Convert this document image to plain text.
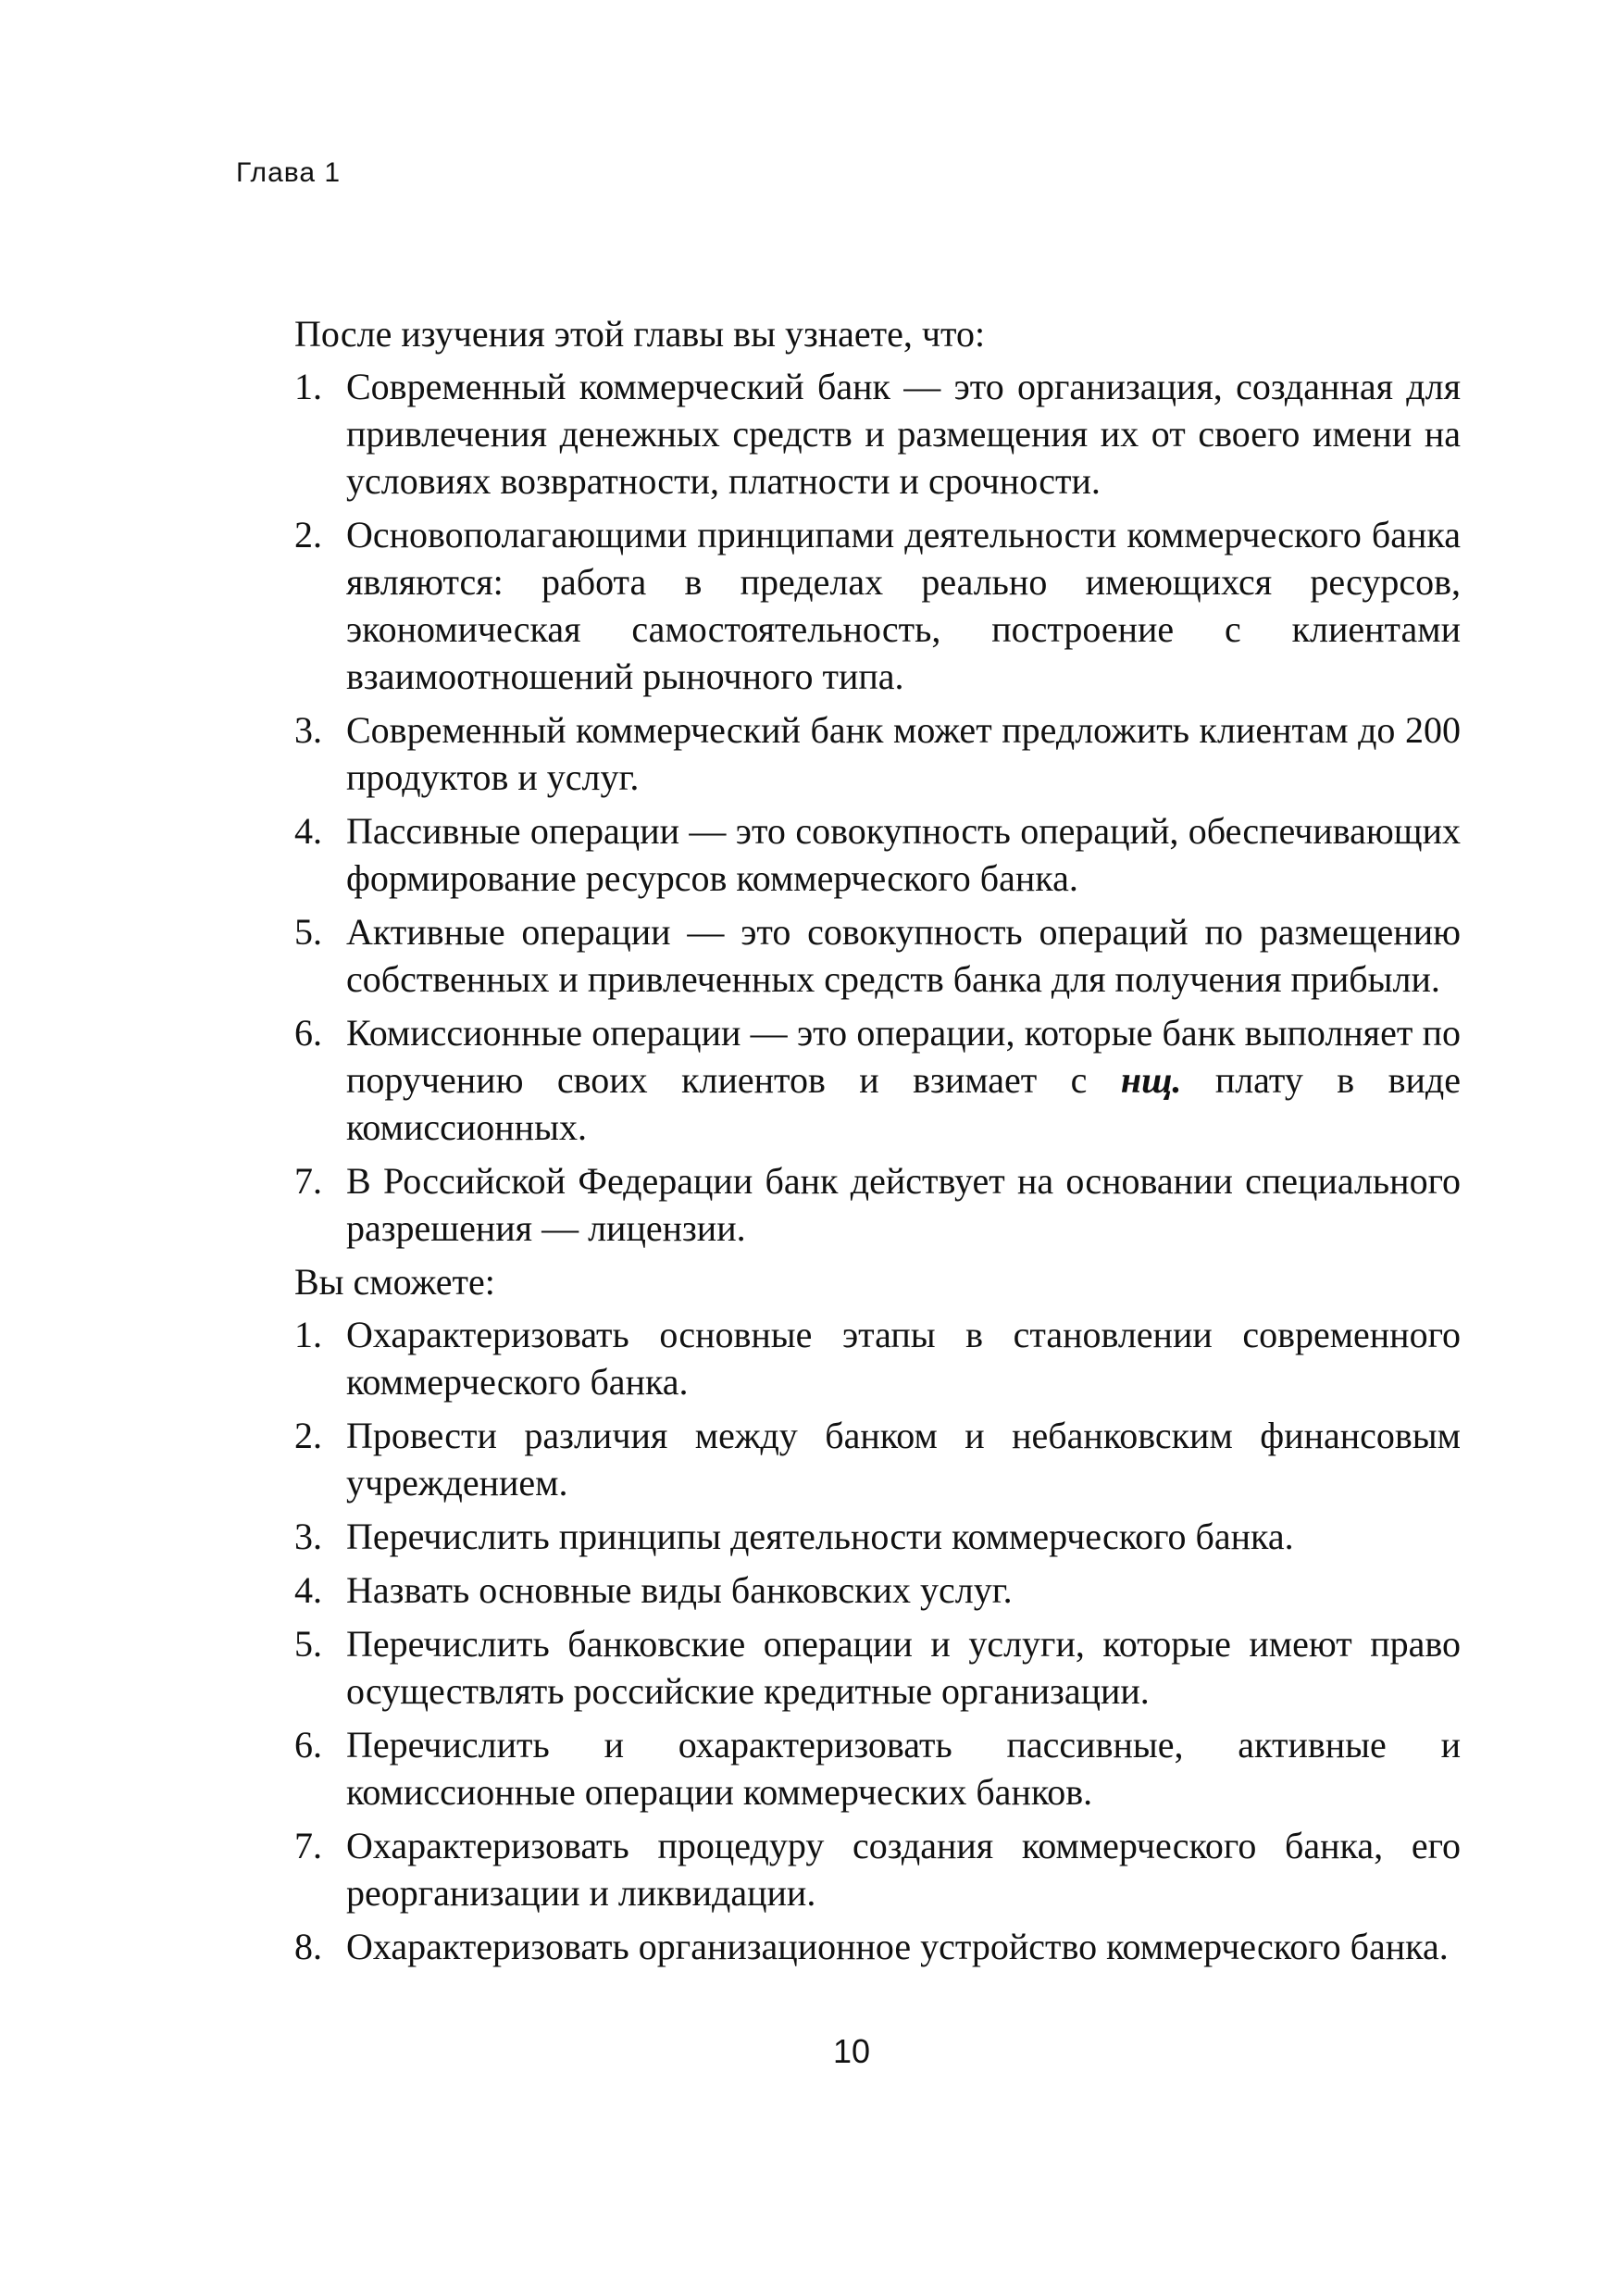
Глава 1
После изучения этой главы вы узнаете, что:
1. Современный коммерческий банк — это организация, созданная для привлечения денежных средств и размещения их от своего имени на условиях возвратности, платности и срочности.
2. Основополагающими принципами деятельности коммерческого банка являются: работа в пределах реально имеющихся ресурсов, экономическая самостоятельность, построение с клиентами взаимоотношений рыночного типа.
3. Современный коммерческий банк может предложить клиентам до 200 продуктов и услуг.
4. Пассивные операции — это совокупность операций, обеспечивающих формирование ресурсов коммерческого банка.
5. Активные операции — это совокупность операций по размещению собственных и привлеченных средств банка для получения прибыли.
6. Комиссионные операции — это операции, которые банк выполняет по поручению своих клиентов и взимает с нщ. плату в виде комиссионных.
7. В Российской Федерации банк действует на основании специального разрешения — лицензии.
Вы сможете:
1. Охарактеризовать основные этапы в становлении современного коммерческого банка.
2. Провести различия между банком и небанковским финансовым учреждением.
3. Перечислить принципы деятельности коммерческого банка.
4. Назвать основные виды банковских услуг.
5. Перечислить банковские операции и услуги, которые имеют право осуществлять российские кредитные организации.
6. Перечислить и охарактеризовать пассивные, активные и комиссионные операции коммерческих банков.
7. Охарактеризовать процедуру создания коммерческого банка, его реорганизации и ликвидации.
8. Охарактеризовать организационное устройство коммерческого банка.
10
